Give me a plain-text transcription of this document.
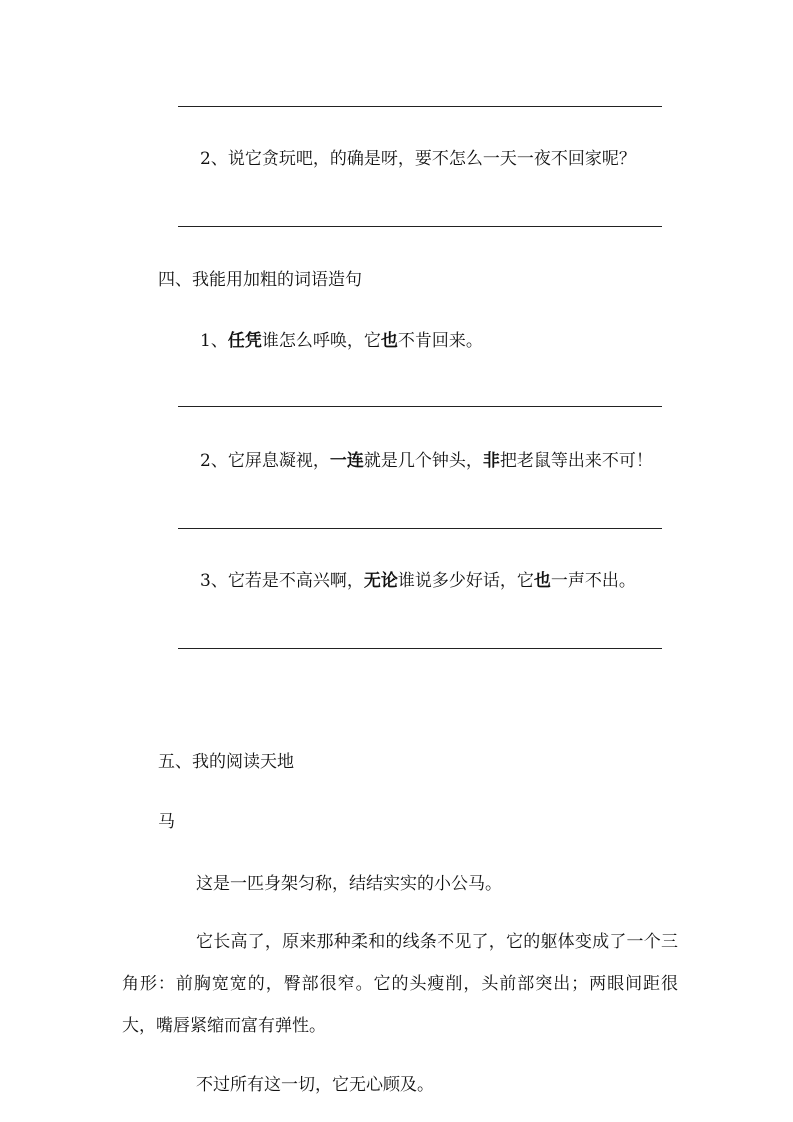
2、说它贪玩吧，的确是呀，要不怎么一天一夜不回家呢？
四、我能用加粗的词语造句
1、任凭谁怎么呼唤，它也不肯回来。
2、它屏息凝视，一连就是几个钟头，非把老鼠等出来不可！
3、它若是不高兴啊，无论谁说多少好话，它也一声不出。
五、我的阅读天地
马
这是一匹身架匀称，结结实实的小公马。
它长高了，原来那种柔和的线条不见了，它的躯体变成了一个三角形：前胸宽宽的，臀部很窄。它的头瘦削，头前部突出；两眼间距很大，嘴唇紧缩而富有弹性。
不过所有这一切，它无心顾及。
